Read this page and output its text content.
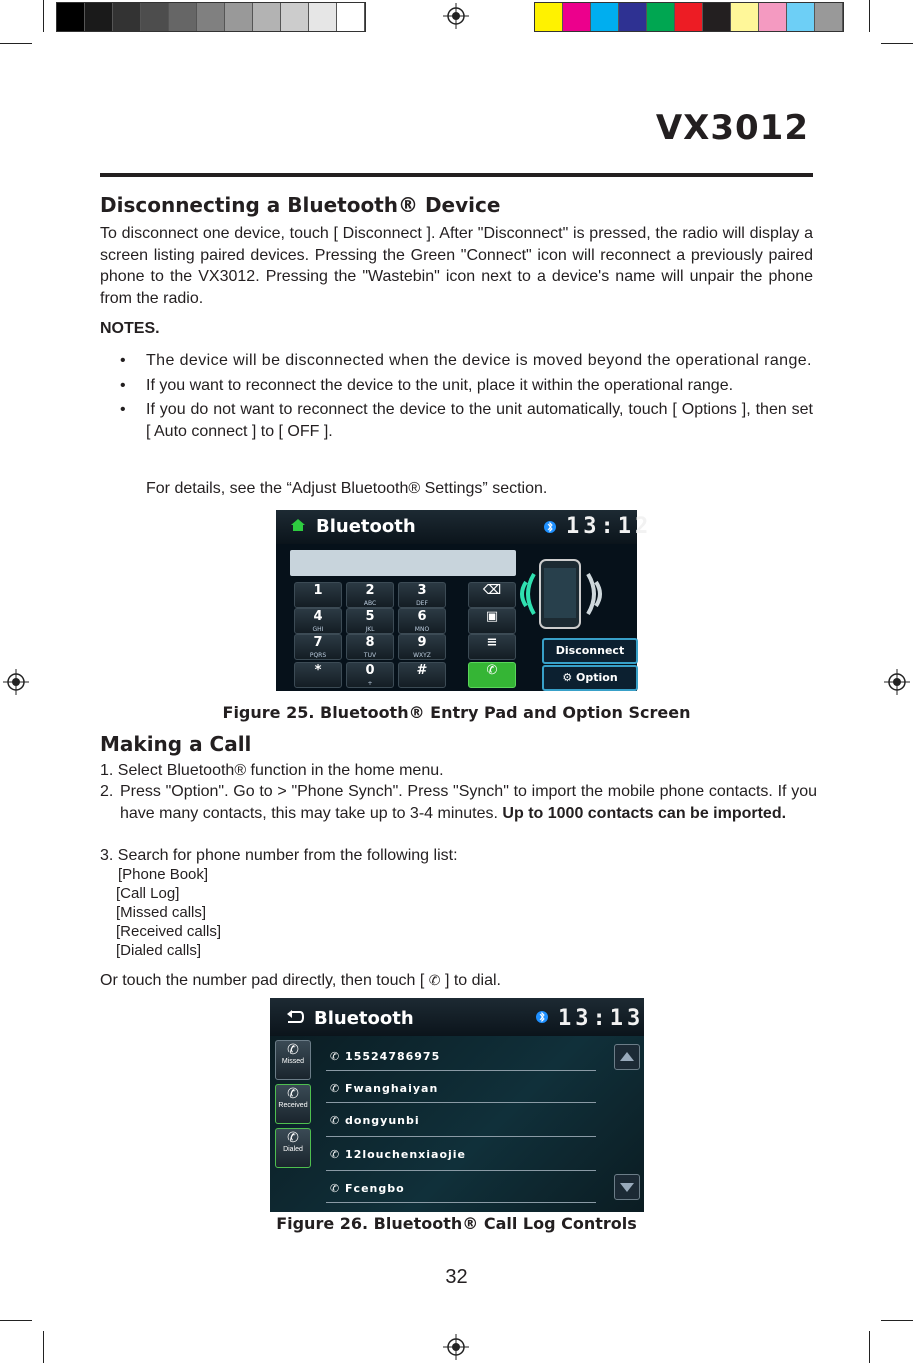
VX3012
Disconnecting a Bluetooth® Device
To disconnect one device, touch [ Disconnect ]. After "Disconnect" is pressed, the radio will display a screen listing paired devices. Pressing the Green "Connect" icon will reconnect a previously paired phone to the VX3012. Pressing the "Wastebin" icon next to a device's name will unpair the phone from the radio.
NOTES.
• The device will be disconnected when the device is moved beyond the operational range.
• If you want to reconnect the device to the unit, place it within the operational range.
• If you do not want to reconnect the device to the unit automatically, touch [ Options ], then set [ Auto connect ] to [ OFF ].
For details, see the “Adjust Bluetooth® Settings” section.
Bluetooth	13:12
1	2
ABC
3
DEF
4
GHI
5
JKL
6
MNO
7
PQRS
8
TUV
9
WXYZ
*	0
+
#
⌫
▣
≡
✆
Disconnect
⚙ Option
Figure 25. Bluetooth® Entry Pad and Option Screen
Making a Call
1. Select Bluetooth® function in the home menu.
2. Press "Option". Go to > "Phone Synch". Press "Synch" to import the mobile phone contacts. If you have many contacts, this may take up to 3-4 minutes. Up to 1000 contacts can be imported.
3. Search for phone number from the following list:
[Phone Book]
[Call Log]
[Missed calls]
[Received calls]
[Dialed calls]
Or touch the number pad directly, then touch [ ✆ ] to dial.
Bluetooth	13:13
✆
Missed
✆
Received
✆
Dialed
✆ 15524786975
✆ Fwanghaiyan
✆ dongyunbi
✆ 12louchenxiaojie
✆ Fcengbo
Figure 26. Bluetooth® Call Log Controls
32
